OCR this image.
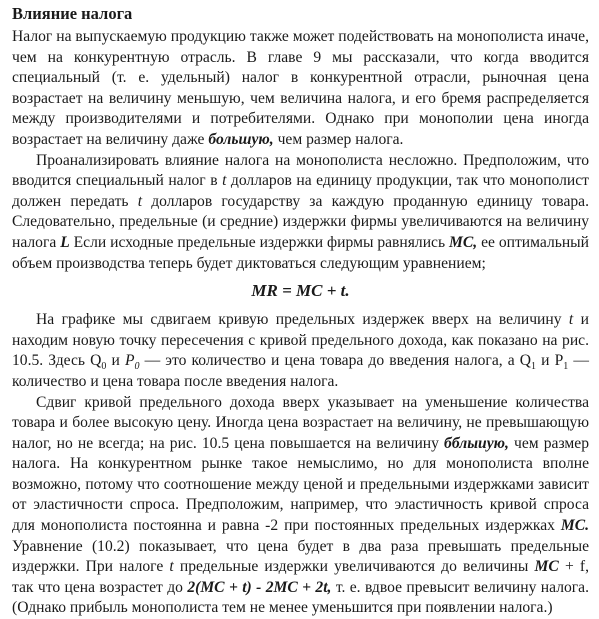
Влияние налога

Налог на выпускаемую продукцию также может подействовать на монополиста иначе, чем на конкурентную отрасль. В главе 9 мы рассказали, что когда вводится специальный (т. е. удельный) налог в конкурентной отрасли, рыночная цена возрастает на величину меньшую, чем величина налога, и его бремя распределяется между производителями и потребителями. Однако при монополии цена иногда возрастает на величину даже большую, чем размер налога.

Проанализировать влияние налога на монополиста несложно. Предположим, что вводится специальный налог в t долларов на единицу продукции, так что монополист должен передать t долларов государству за каждую проданную единицу товара. Следовательно, предельные (и средние) издержки фирмы увеличиваются на величину налога L Если исходные предельные издержки фирмы равнялись МС, ее оптимальный объем производства теперь будет диктоваться следующим уравнением;

MR = MC + t.

На графике мы сдвигаем кривую предельных издержек вверх на величину t и находим новую точку пересечения с кривой предельного дохода, как показано на рис. 10.5. Здесь $Q_0$ и $P_0$ — это количество и цена товара до введения налога, а $Q_1$ и $P_1$ — количество и цена товара после введения налога.

Сдвиг кривой предельного дохода вверх указывает на уменьшение количества товара и более высокую цену. Иногда цена возрастает на величину, не превышающую налог, но не всегда; на рис. 10.5 цена повышается на величину бблыиую, чем размер налога. На конкурентном рынке такое немыслимо, но для монополиста вполне возможно, потому что соотношение между ценой и предельными издержками зависит от эластичности спроса. Предположим, например, что эластичность кривой спроса для монополиста постоянна и равна -2 при постоянных предельных издержках МС. Уравнение (10.2) показывает, что цена будет в два раза превышать предельные издержки. При налоге t предельные издержки увеличиваются до величины МС + f, так что цена возрастет до 2(МС + t) - 2МС + 2t, т. е. вдвое превысит величину налога. (Однако прибыль монополиста тем не менее уменьшится при появлении налога.)
